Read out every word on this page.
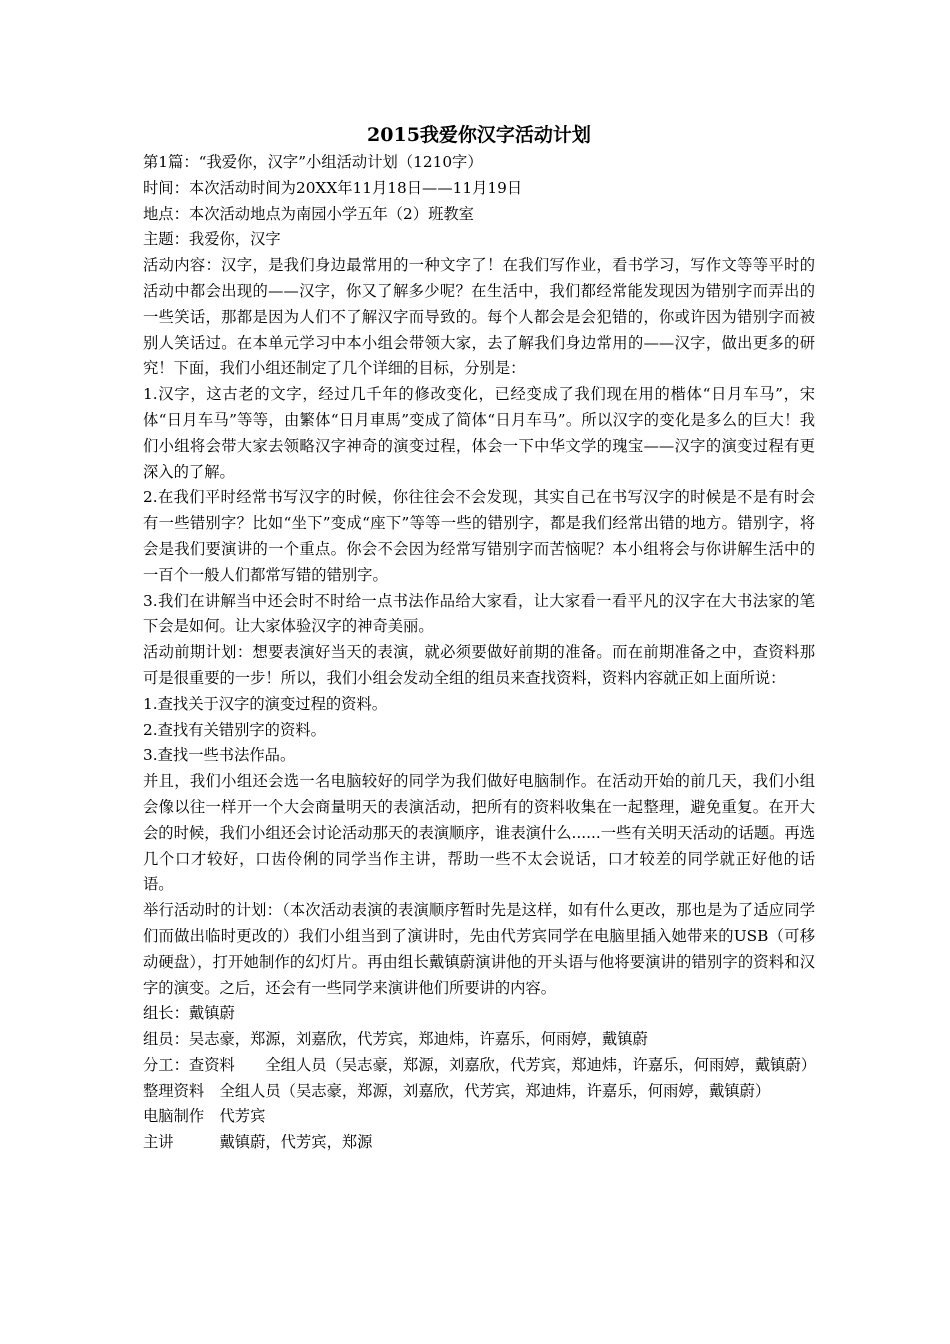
2015我爱你汉字活动计划

第1篇：“我爱你，汉字”小组活动计划（1210字）

时间：本次活动时间为20XX年11月18日——11月19日

地点：本次活动地点为南园小学五年（2）班教室

主题：我爱你，汉字

活动内容：汉字，是我们身边最常用的一种文字了！在我们写作业，看书学习，写作文等等平时的活动中都会出现的——汉字，你又了解多少呢？在生活中，我们都经常能发现因为错别字而弄出的一些笑话，那都是因为人们不了解汉字而导致的。每个人都会是会犯错的，你或许因为错别字而被别人笑话过。在本单元学习中本小组会带领大家，去了解我们身边常用的——汉字，做出更多的研究！下面，我们小组还制定了几个详细的目标，分别是：

1.汉字，这古老的文字，经过几千年的修改变化，已经变成了我们现在用的楷体“日月车马”，宋体“日月车马”等等，由繁体“日月車馬”变成了简体“日月车马”。所以汉字的变化是多么的巨大！我们小组将会带大家去领略汉字神奇的演变过程，体会一下中华文学的瑰宝——汉字的演变过程有更深入的了解。

2.在我们平时经常书写汉字的时候，你往往会不会发现，其实自己在书写汉字的时候是不是有时会有一些错别字？比如“坐下”变成“座下”等等一些的错别字，都是我们经常出错的地方。错别字，将会是我们要演讲的一个重点。你会不会因为经常写错别字而苦恼呢？本小组将会与你讲解生活中的一百个一般人们都常写错的错别字。

3.我们在讲解当中还会时不时给一点书法作品给大家看，让大家看一看平凡的汉字在大书法家的笔下会是如何。让大家体验汉字的神奇美丽。

活动前期计划：想要表演好当天的表演，就必须要做好前期的准备。而在前期准备之中，查资料那可是很重要的一步！所以，我们小组会发动全组的组员来查找资料，资料内容就正如上面所说：

1.查找关于汉字的演变过程的资料。

2.查找有关错别字的资料。

3.查找一些书法作品。

并且，我们小组还会选一名电脑较好的同学为我们做好电脑制作。在活动开始的前几天，我们小组会像以往一样开一个大会商量明天的表演活动，把所有的资料收集在一起整理，避免重复。在开大会的时候，我们小组还会讨论活动那天的表演顺序，谁表演什么......一些有关明天活动的话题。再选几个口才较好，口齿伶俐的同学当作主讲，帮助一些不太会说话，口才较差的同学就正好他的话语。

举行活动时的计划：（本次活动表演的表演顺序暂时先是这样，如有什么更改，那也是为了适应同学们而做出临时更改的）我们小组当到了演讲时，先由代芳宾同学在电脑里插入她带来的USB（可移动硬盘），打开她制作的幻灯片。再由组长戴镇蔚演讲他的开头语与他将要演讲的错别字的资料和汉字的演变。之后，还会有一些同学来演讲他们所要讲的内容。

组长：戴镇蔚

组员：吴志豪，郑源，刘嘉欣，代芳宾，郑迪炜，许嘉乐，何雨婷，戴镇蔚

分工：查资料　　全组人员（吴志豪，郑源，刘嘉欣，代芳宾，郑迪炜，许嘉乐，何雨婷，戴镇蔚）

整理资料　全组人员（吴志豪，郑源，刘嘉欣，代芳宾，郑迪炜，许嘉乐，何雨婷，戴镇蔚）

电脑制作　代芳宾

主讲　　　戴镇蔚，代芳宾，郑源
